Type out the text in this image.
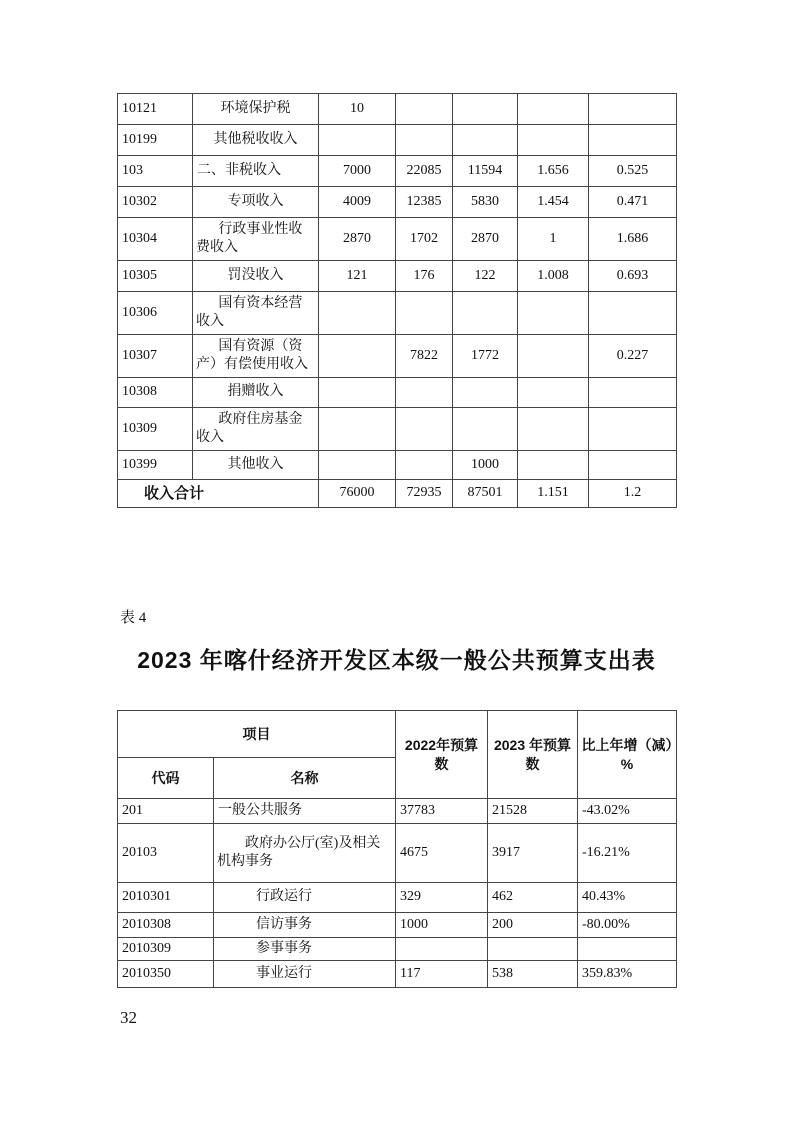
10121	环境保护税	10				
10199	其他税收收入					
103	二、非税收入	7000	22085	11594	1.656	0.525
10302	专项收入	4009	12385	5830	1.454	0.471
10304	行政事业性收费收入	2870	1702	2870	1	1.686
10305	罚没收入	121	176	122	1.008	0.693
10306	国有资本经营收入					
10307	国有资源（资产）有偿使用收入		7822	1772		0.227
10308	捐赠收入					
10309	政府住房基金收入					
10399	其他收入			1000		
收入合计		76000	72935	87501	1.151	1.2
表 4
2023 年喀什经济开发区本级一般公共预算支出表
项目		2022年预算数	2023 年预算数	比上年增（减）%
代码	名称			
201	一般公共服务	37783	21528	-43.02%
20103	政府办公厅(室)及相关机构事务	4675	3917	-16.21%
2010301	行政运行	329	462	40.43%
2010308	信访事务	1000	200	-80.00%
2010309	参事事务			
2010350	事业运行	117	538	359.83%
32
